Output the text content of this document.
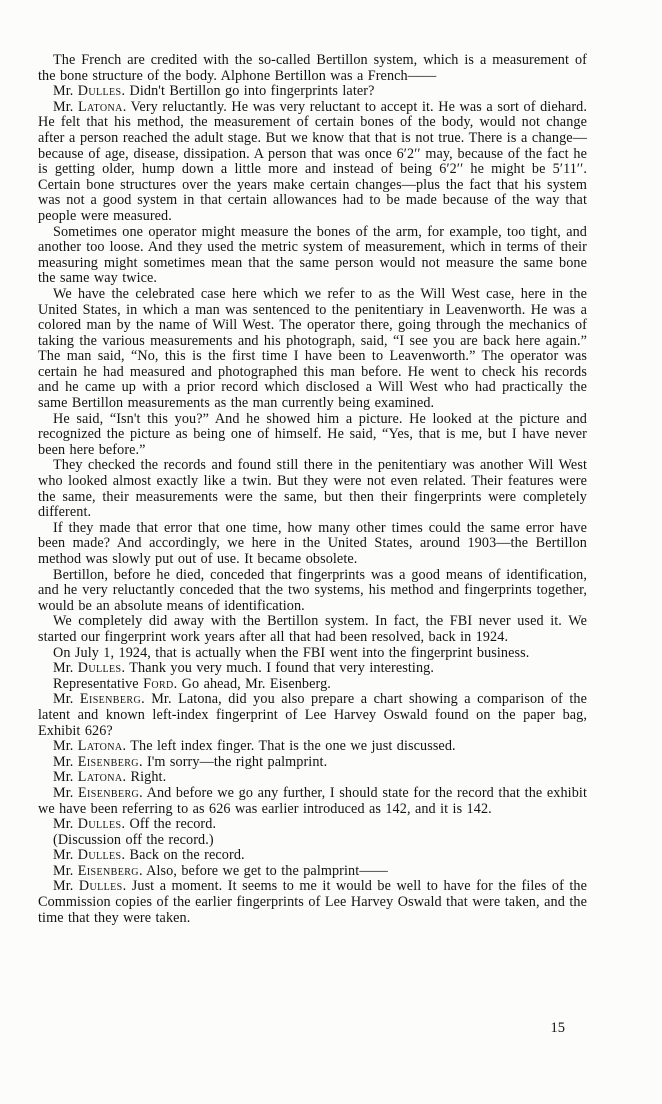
The French are credited with the so-called Bertillon system, which is a measurement of the bone structure of the body. Alphone Bertillon was a French——

Mr. Dulles. Didn't Bertillon go into fingerprints later?

Mr. Latona. Very reluctantly. He was very reluctant to accept it. He was a sort of diehard. He felt that his method, the measurement of certain bones of the body, would not change after a person reached the adult stage. But we know that that is not true. There is a change—because of age, disease, dissipation. A person that was once 6′2′′ may, because of the fact he is getting older, hump down a little more and instead of being 6′2′′ he might be 5′11′′. Certain bone structures over the years make certain changes—plus the fact that his system was not a good system in that certain allowances had to be made because of the way that people were measured.

Sometimes one operator might measure the bones of the arm, for example, too tight, and another too loose. And they used the metric system of measurement, which in terms of their measuring might sometimes mean that the same person would not measure the same bone the same way twice.

We have the celebrated case here which we refer to as the Will West case, here in the United States, in which a man was sentenced to the penitentiary in Leavenworth. He was a colored man by the name of Will West. The operator there, going through the mechanics of taking the various measurements and his photograph, said, “I see you are back here again.” The man said, “No, this is the first time I have been to Leavenworth.” The operator was certain he had measured and photographed this man before. He went to check his records and he came up with a prior record which disclosed a Will West who had practically the same Bertillon measurements as the man currently being examined.

He said, “Isn't this you?” And he showed him a picture. He looked at the picture and recognized the picture as being one of himself. He said, “Yes, that is me, but I have never been here before.”

They checked the records and found still there in the penitentiary was another Will West who looked almost exactly like a twin. But they were not even related. Their features were the same, their measurements were the same, but then their fingerprints were completely different.

If they made that error that one time, how many other times could the same error have been made? And accordingly, we here in the United States, around 1903—the Bertillon method was slowly put out of use. It became obsolete.

Bertillon, before he died, conceded that fingerprints was a good means of identification, and he very reluctantly conceded that the two systems, his method and fingerprints together, would be an absolute means of identification.

We completely did away with the Bertillon system. In fact, the FBI never used it. We started our fingerprint work years after all that had been resolved, back in 1924.

On July 1, 1924, that is actually when the FBI went into the fingerprint business.

Mr. Dulles. Thank you very much. I found that very interesting.

Representative Ford. Go ahead, Mr. Eisenberg.

Mr. Eisenberg. Mr. Latona, did you also prepare a chart showing a comparison of the latent and known left-index fingerprint of Lee Harvey Oswald found on the paper bag, Exhibit 626?

Mr. Latona. The left index finger. That is the one we just discussed.

Mr. Eisenberg. I'm sorry—the right palmprint.

Mr. Latona. Right.

Mr. Eisenberg. And before we go any further, I should state for the record that the exhibit we have been referring to as 626 was earlier introduced as 142, and it is 142.

Mr. Dulles. Off the record.

(Discussion off the record.)

Mr. Dulles. Back on the record.

Mr. Eisenberg. Also, before we get to the palmprint——

Mr. Dulles. Just a moment. It seems to me it would be well to have for the files of the Commission copies of the earlier fingerprints of Lee Harvey Oswald that were taken, and the time that they were taken.

15
